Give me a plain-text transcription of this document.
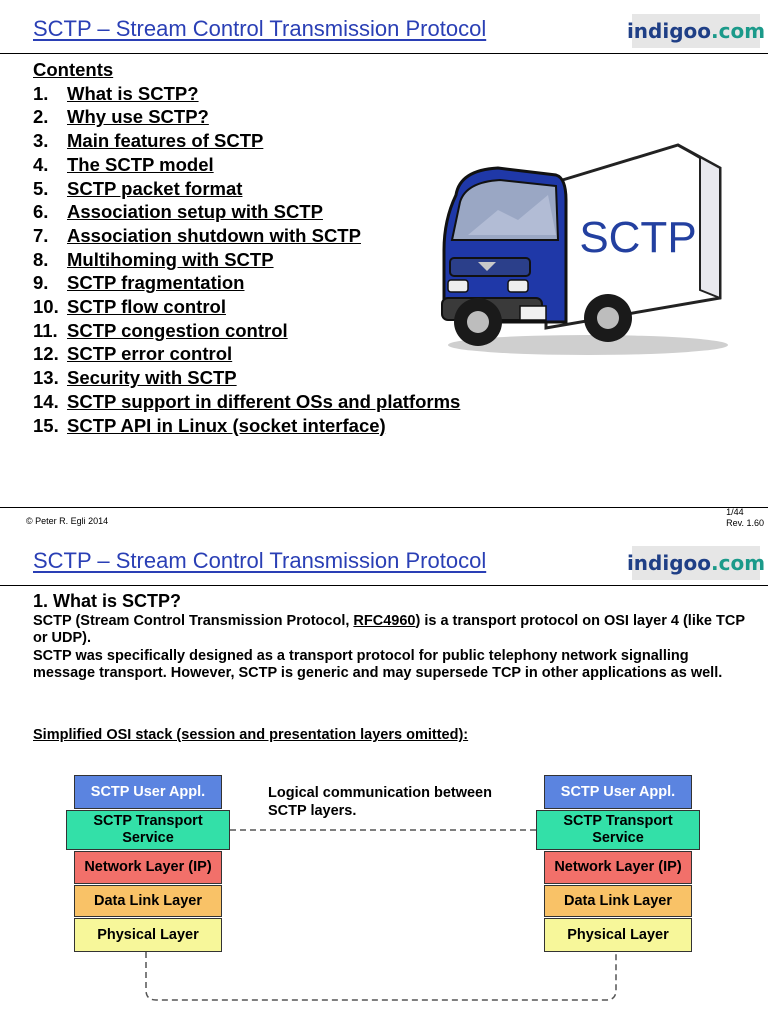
SCTP – Stream Control Transmission Protocol	indigoo .com
Contents
1.	What is SCTP?
2.	Why use SCTP?
3.	Main features of SCTP
4.	The SCTP model
5.	SCTP packet format
6.	Association setup with SCTP
7.	Association shutdown with SCTP
8.	Multihoming with SCTP
9.	SCTP fragmentation
10. SCTP flow control
11. SCTP congestion control
12. SCTP error control
13. Security with SCTP
14. SCTP support in different OSs and platforms
15. SCTP API in Linux (socket interface)
SCTP
© Peter R. Egli 2014
1/44
Rev. 1.60
SCTP – Stream Control Transmission Protocol	indigoo .com
1. What is SCTP?
SCTP (Stream Control Transmission Protocol, RFC4960) is a transport protocol on OSI layer 4 (like TCP or UDP).
SCTP was specifically designed as a transport protocol for public telephony network signalling message transport. However, SCTP is generic and may supersede TCP in other applications as well.
Simplified OSI stack (session and presentation layers omitted):
SCTP User Appl.
SCTP Transport Service
Network Layer (IP)
Data Link Layer
Physical Layer
Logical communication between SCTP layers.
SCTP User Appl.
SCTP Transport Service
Network Layer (IP)
Data Link Layer
Physical Layer
